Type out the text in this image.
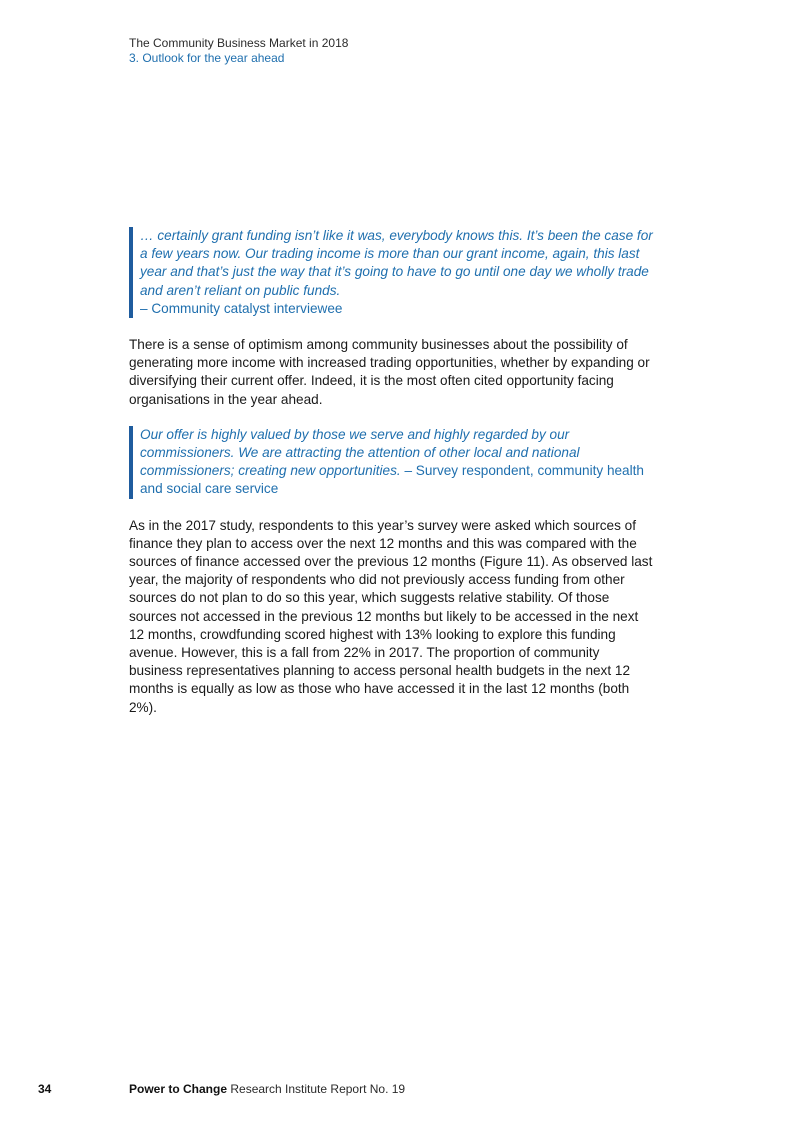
The Community Business Market in 2018
3. Outlook for the year ahead
… certainly grant funding isn’t like it was, everybody knows this. It’s been the case for a few years now. Our trading income is more than our grant income, again, this last year and that’s just the way that it’s going to have to go until one day we wholly trade and aren’t reliant on public funds.
– Community catalyst interviewee

There is a sense of optimism among community businesses about the possibility of generating more income with increased trading opportunities, whether by expanding or diversifying their current offer. Indeed, it is the most often cited opportunity facing organisations in the year ahead.

Our offer is highly valued by those we serve and highly regarded by our commissioners. We are attracting the attention of other local and national commissioners; creating new opportunities. – Survey respondent, community health and social care service

As in the 2017 study, respondents to this year’s survey were asked which sources of finance they plan to access over the next 12 months and this was compared with the sources of finance accessed over the previous 12 months (Figure 11). As observed last year, the majority of respondents who did not previously access funding from other sources do not plan to do so this year, which suggests relative stability. Of those sources not accessed in the previous 12 months but likely to be accessed in the next 12 months, crowdfunding scored highest with 13% looking to explore this funding avenue. However, this is a fall from 22% in 2017. The proportion of community business representatives planning to access personal health budgets in the next 12 months is equally as low as those who have accessed it in the last 12 months (both 2%).

34	Power to Change Research Institute Report No. 19
